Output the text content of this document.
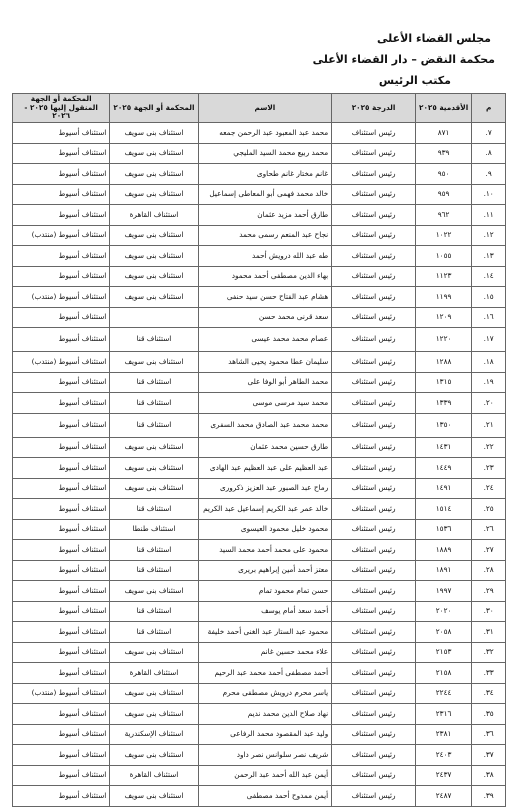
مجلس القضاء الأعلى
محكمة النقض – دار القضاء الأعلى
مكتب الرئيس
م	الأقدمية ٢٠٢٥	الدرجة ٢٠٢٥	الاسم	المحكمة أو الجهة ٢٠٢٥	المحكمة أو الجهة المنقول إليها ٢٠٢٥ - ٢٠٢٦
٧.	٨٧١	رئيس استئناف	محمد عبد المعبود عبد الرحمن جمعه	استئناف بنى سويف	استئناف أسيوط
٨.	٩٣٩	رئيس استئناف	محمد ربيع محمد السيد المليجي	استئناف بنى سويف	استئناف أسيوط
٩.	٩٥٠	رئيس استئناف	غانم مختار غانم طحاوى	استئناف بنى سويف	استئناف أسيوط
١٠.	٩٥٩	رئيس استئناف	خالد محمد فهمى أبو المعاطى إسماعيل	استئناف بنى سويف	استئناف أسيوط
١١.	٩٦٢	رئيس استئناف	طارق أحمد مزيد عثمان	استئناف القاهرة	استئناف أسيوط
١٢.	١٠٢٢	رئيس استئناف	نجاح عبد المنعم رسمى محمد	استئناف بنى سويف	استئناف أسيوط (منتدب)
١٣.	١٠٥٥	رئيس استئناف	طه عبد الله درويش أحمد	استئناف بنى سويف	استئناف أسيوط
١٤.	١١٢٣	رئيس استئناف	بهاء الدين مصطفى أحمد محمود	استئناف بنى سويف	استئناف أسيوط
١٥.	١١٩٩	رئيس استئناف	هشام عبد الفتاح حسن سيد حنفى	استئناف بنى سويف	استئناف أسيوط (منتدب)
١٦.	١٢٠٩	رئيس استئناف	سعد قرنى محمد حسن		استئناف أسيوط
١٧.	١٢٢٠	رئيس استئناف	عصام محمد محمد عيسى	استئناف قنا	استئناف أسيوط
١٨.	١٢٨٨	رئيس استئناف	سليمان عطا محمود يحيى الشاهد	استئناف بنى سويف	استئناف أسيوط (منتدب)
١٩.	١٣١٥	رئيس استئناف	محمد الطاهر أبو الوفا على	استئناف قنا	استئناف أسيوط
٢٠.	١٣٣٩	رئيس استئناف	محمد سيد مرسى موسى	استئناف قنا	استئناف أسيوط
٢١.	١٣٥٠	رئيس استئناف	محمد محمد عبد الصادق محمد السفرى	استئناف قنا	استئناف أسيوط
٢٢.	١٤٣١	رئيس استئناف	طارق حسين محمد عثمان	استئناف بنى سويف	استئناف أسيوط
٢٣.	١٤٤٩	رئيس استئناف	عبد العظيم على عبد العظيم عبد الهادى	استئناف بنى سويف	استئناف أسيوط
٢٤.	١٤٩١	رئيس استئناف	رماح عبد الصبور عبد العزيز ذكرورى	استئناف بنى سويف	استئناف أسيوط
٢٥.	١٥١٤	رئيس استئناف	خالد عمر عبد الكريم إسماعيل عبد الكريم	استئناف قنا	استئناف أسيوط
٢٦.	١٥٣٦	رئيس استئناف	محمود خليل محمود العيسوى	استئناف طنطا	استئناف أسيوط
٢٧.	١٨٨٩	رئيس استئناف	محمود على محمد أحمد محمد السيد	استئناف قنا	استئناف أسيوط
٢٨.	١٨٩١	رئيس استئناف	معتز أحمد أمين إبراهيم بريرى	استئناف قنا	استئناف أسيوط
٢٩.	١٩٩٧	رئيس استئناف	حسن تمام محمود تمام	استئناف بنى سويف	استئناف أسيوط
٣٠.	٢٠٢٠	رئيس استئناف	أحمد سعد أمام يوسف	استئناف قنا	استئناف أسيوط
٣١.	٢٠٥٨	رئيس استئناف	محمود عبد الستار عبد الغنى أحمد خليفة	استئناف قنا	استئناف أسيوط
٣٢.	٢١٥٣	رئيس استئناف	علاء محمد حسين غانم	استئناف بنى سويف	استئناف أسيوط
٣٣.	٢١٥٨	رئيس استئناف	أحمد مصطفى أحمد محمد عبد الرحيم	استئناف القاهرة	استئناف أسيوط
٣٤.	٢٢٤٤	رئيس استئناف	ياسر محرم درويش مصطفى محرم	استئناف بنى سويف	استئناف أسيوط (منتدب)
٣٥.	٢٣١٦	رئيس استئناف	نهاد صلاح الدين محمد نديم	استئناف بنى سويف	استئناف أسيوط
٣٦.	٢٣٨١	رئيس استئناف	وليد عبد المقصود محمد الرفاعى	استئناف الإسكندرية	استئناف أسيوط
٣٧.	٢٤٠٣	رئيس استئناف	شريف نصر سلوانس نصر داود	استئناف بنى سويف	استئناف أسيوط
٣٨.	٢٤٣٧	رئيس استئناف	أيمن عبد الله أحمد عبد الرحمن	استئناف القاهرة	استئناف أسيوط
٣٩.	٢٤٨٧	رئيس استئناف	أيمن ممدوح أحمد مصطفى	استئناف بنى سويف	استئناف أسيوط
